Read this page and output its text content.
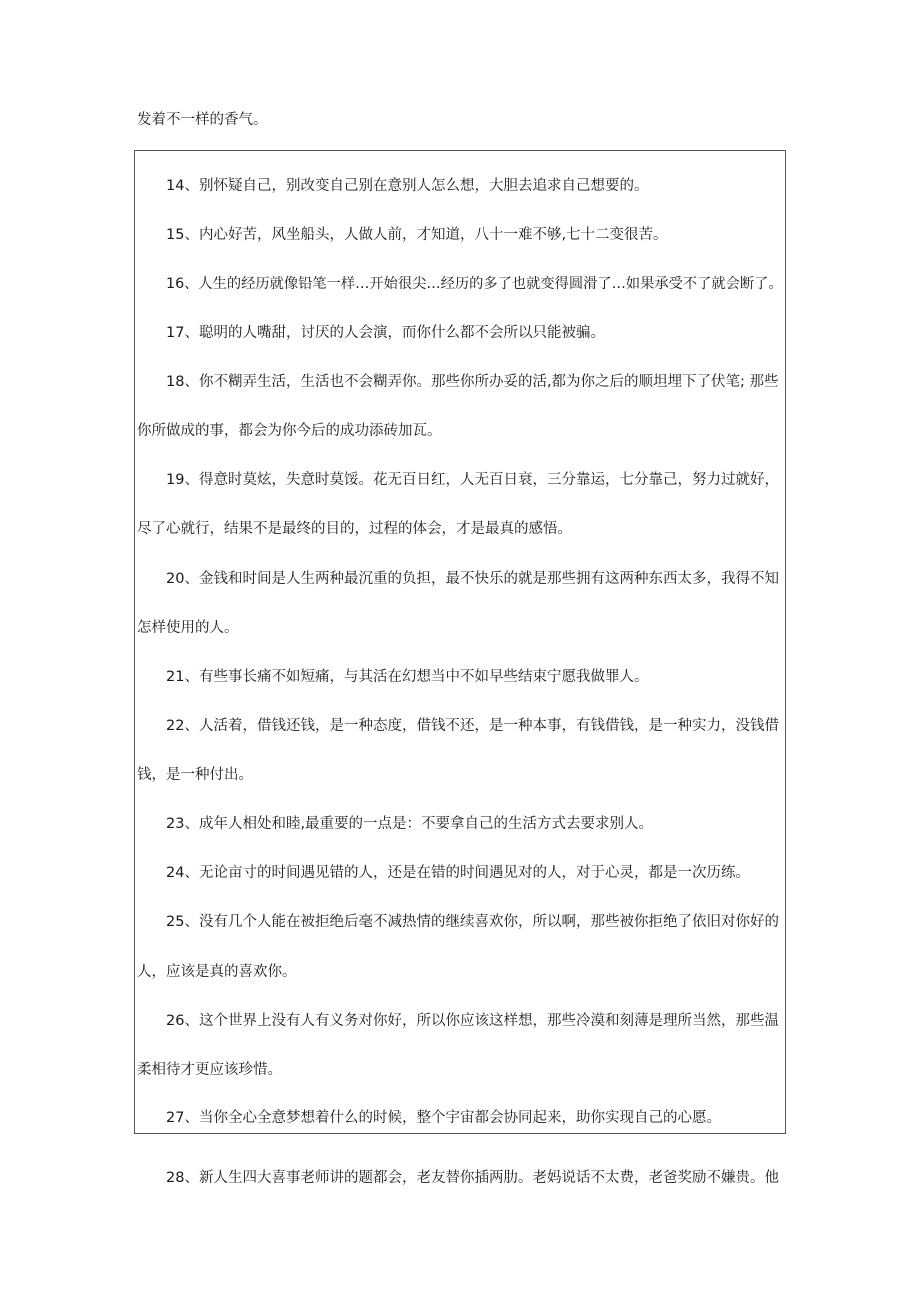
发着不一样的香气。
14、别怀疑自己，别改变自己别在意别人怎么想，大胆去追求自己想要的。
15、内心好苦，风坐船头，人做人前，才知道，八十一难不够,七十二变很苦。
16、人生的经历就像铅笔一样…开始很尖…经历的多了也就变得圆滑了…如果承受不了就会断了。
17、聪明的人嘴甜，讨厌的人会演，而你什么都不会所以只能被骗。
18、你不糊弄生活，生活也不会糊弄你。那些你所办妥的活,都为你之后的顺坦埋下了伏笔; 那些
你所做成的事，都会为你今后的成功添砖加瓦。
19、得意时莫炫，失意时莫馁。花无百日红，人无百日衰，三分靠运，七分靠己，努力过就好，
尽了心就行，结果不是最终的目的，过程的体会，才是最真的感悟。
20、金钱和时间是人生两种最沉重的负担，最不快乐的就是那些拥有这两种东西太多，我得不知
怎样使用的人。
21、有些事长痛不如短痛，与其活在幻想当中不如早些结束宁愿我做罪人。
22、人活着，借钱还钱，是一种态度，借钱不还，是一种本事，有钱借钱，是一种实力，没钱借
钱，是一种付出。
23、成年人相处和睦,最重要的一点是：不要拿自己的生活方式去要求别人。
24、无论亩寸的时间遇见错的人，还是在错的时间遇见对的人，对于心灵，都是一次历练。
25、没有几个人能在被拒绝后毫不减热情的继续喜欢你，所以啊，那些被你拒绝了依旧对你好的
人，应该是真的喜欢你。
26、这个世界上没有人有义务对你好，所以你应该这样想，那些冷漠和刻薄是理所当然，那些温
柔相待才更应该珍惜。
27、当你全心全意梦想着什么的时候，整个宇宙都会协同起来，助你实现自己的心愿。
28、新人生四大喜事老师讲的题都会，老友替你插两肋。老妈说话不太费，老爸奖励不嫌贵。他
